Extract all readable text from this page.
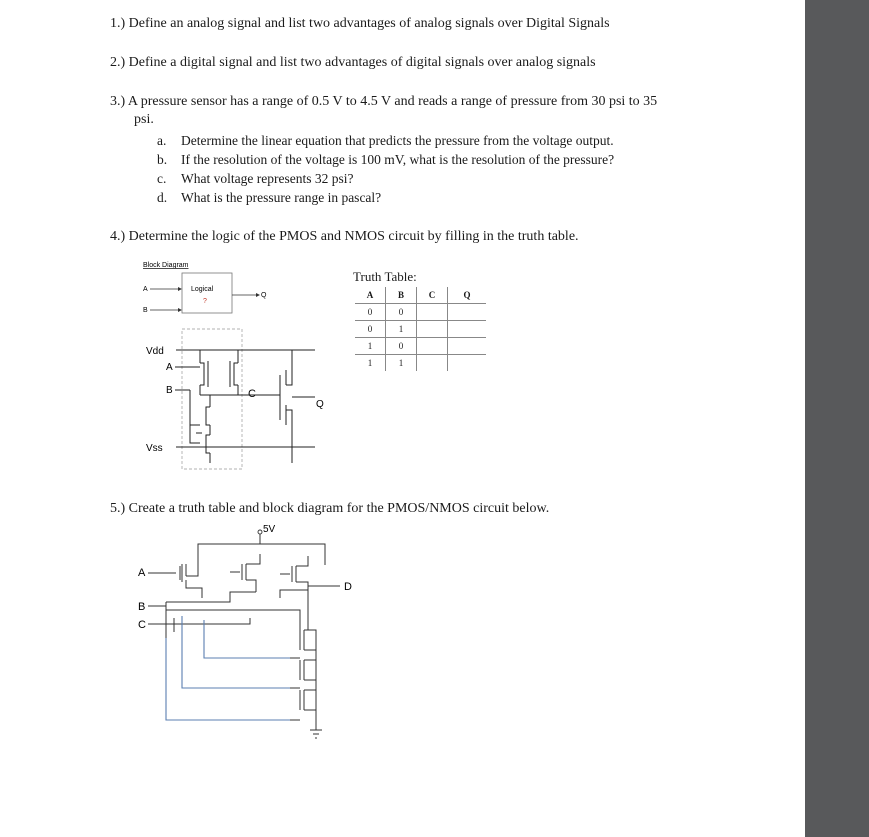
1.) Define an analog signal and list two advantages of analog signals over Digital Signals
2.) Define a digital signal and list two advantages of digital signals over analog signals
3.) A pressure sensor has a range of 0.5 V to 4.5 V and reads a range of pressure from 30 psi to 35
psi.
a. Determine the linear equation that predicts the pressure from the voltage output.
b. If the resolution of the voltage is 100 mV, what is the resolution of the pressure?
c. What voltage represents 32 psi?
d. What is the pressure range in pascal?
4.) Determine the logic of the PMOS and NMOS circuit by filling in the truth table.
Block Diagram
A
B
Logical
?
Q
Vdd
A
B	C
Q
Vss
Truth Table:
A	B	C	Q
0	0		
0	1		
1	0		
1	1		
5.) Create a truth table and block diagram for the PMOS/NMOS circuit below.
5V
A
D
B
C
